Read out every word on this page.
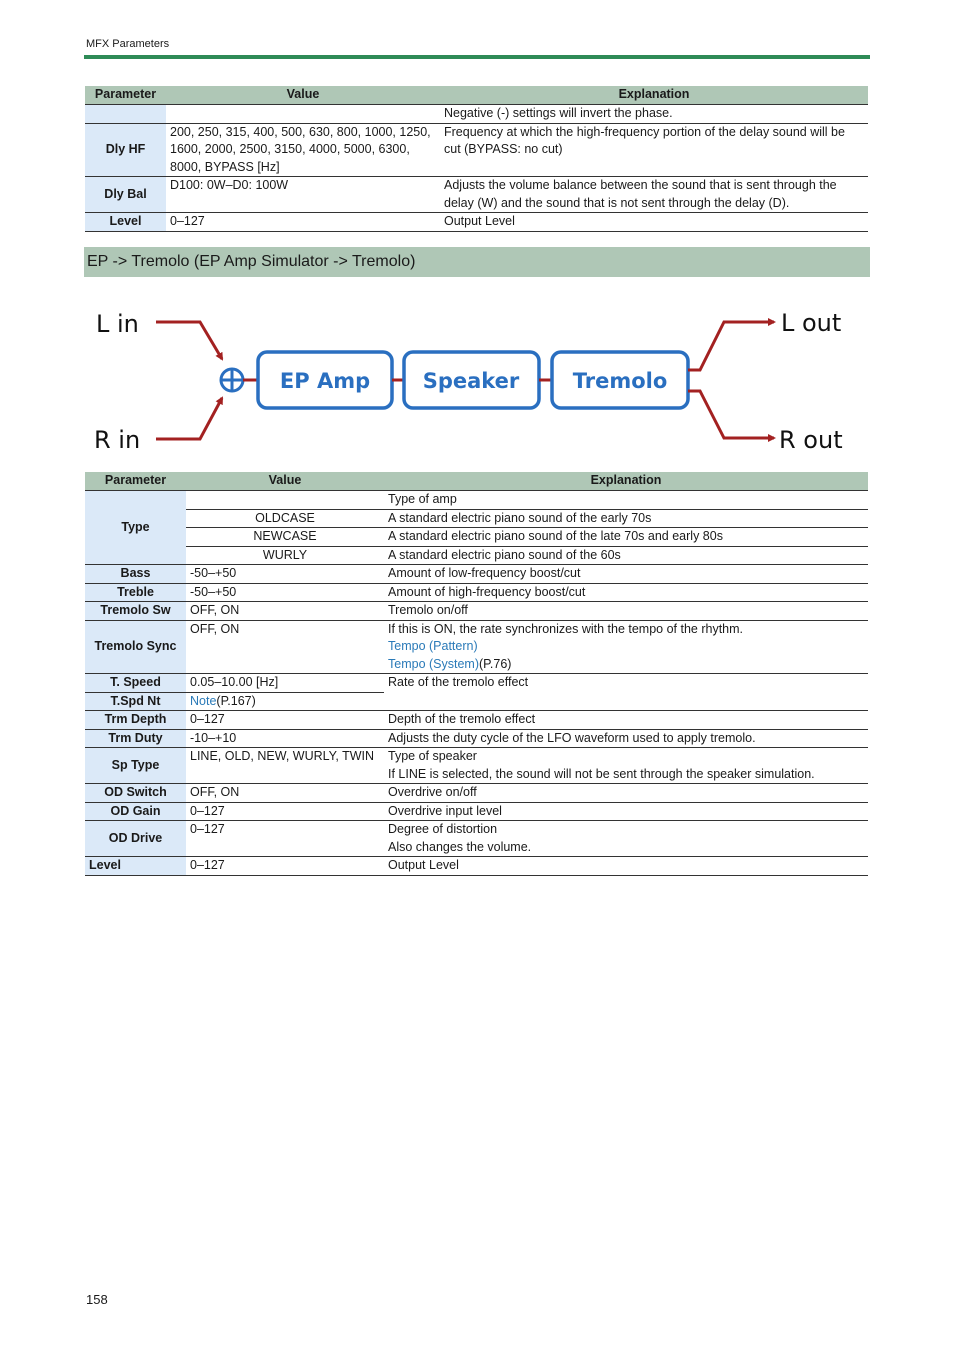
MFX Parameters
Parameter	Value	Explanation
		Negative (-) settings will invert the phase.
Dly HF	200, 250, 315, 400, 500, 630, 800, 1000, 1250, 1600, 2000, 2500, 3150, 4000, 5000, 6300, 8000, BYPASS [Hz]	Frequency at which the high-frequency portion of the delay sound will be cut (BYPASS: no cut)
Dly Bal	D100: 0W–D0: 100W	Adjusts the volume balance between the sound that is sent through the delay (W) and the sound that is not sent through the delay (D).
Level	0–127	Output Level
EP -> Tremolo (EP Amp Simulator -> Tremolo)
L in
R in
EP Amp	Speaker	Tremolo
L out
R out
Parameter	Value	Explanation
Type		Type of amp
	OLDCASE	A standard electric piano sound of the early 70s
	NEWCASE	A standard electric piano sound of the late 70s and early 80s
	WURLY	A standard electric piano sound of the 60s
Bass	-50–+50	Amount of low-frequency boost/cut
Treble	-50–+50	Amount of high-frequency boost/cut
Tremolo Sw	OFF, ON	Tremolo on/off
Tremolo Sync	OFF, ON	If this is ON, the rate synchronizes with the tempo of the rhythm.
Tempo (Pattern)
Tempo (System)(P.76)

T. Speed	0.05–10.00 [Hz]	Rate of the tremolo effect
T.Spd Nt	Note(P.167)	
Trm Depth	0–127	Depth of the tremolo effect
Trm Duty	-10–+10	Adjusts the duty cycle of the LFO waveform used to apply tremolo.
Sp Type	LINE, OLD, NEW, WURLY, TWIN	Type of speaker
If LINE is selected, the sound will not be sent through the speaker simulation.

OD Switch	OFF, ON	Overdrive on/off
OD Gain	0–127	Overdrive input level
OD Drive	0–127	Degree of distortion
Also changes the volume.

Level	0–127	Output Level
158
